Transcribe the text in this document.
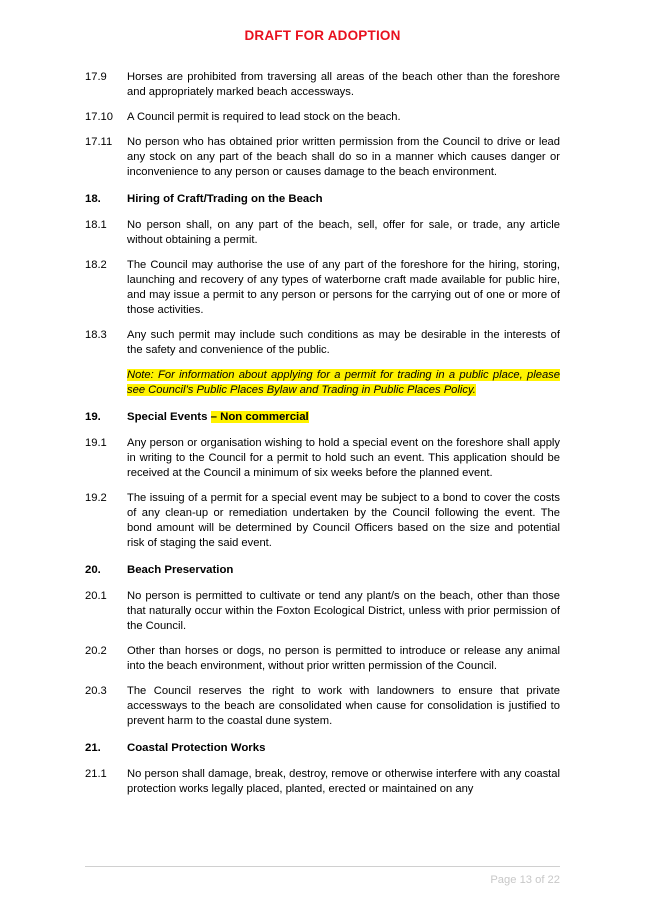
DRAFT FOR ADOPTION
17.9	Horses are prohibited from traversing all areas of the beach other than the foreshore and appropriately marked beach accessways.
17.10	A Council permit is required to lead stock on the beach.
17.11	No person who has obtained prior written permission from the Council to drive or lead any stock on any part of the beach shall do so in a manner which causes danger or inconvenience to any person or causes damage to the beach environment.
18.	Hiring of Craft/Trading on the Beach
18.1	No person shall, on any part of the beach, sell, offer for sale, or trade, any article without obtaining a permit.
18.2	The Council may authorise the use of any part of the foreshore for the hiring, storing, launching and recovery of any types of waterborne craft made available for public hire, and may issue a permit to any person or persons for the carrying out of one or more of those activities.
18.3	Any such permit may include such conditions as may be desirable in the interests of the safety and convenience of the public.
Note: For information about applying for a permit for trading in a public place, please see Council’s Public Places Bylaw and Trading in Public Places Policy.
19.	Special Events – Non commercial
19.1	Any person or organisation wishing to hold a special event on the foreshore shall apply in writing to the Council for a permit to hold such an event. This application should be received at the Council a minimum of six weeks before the planned event.
19.2	The issuing of a permit for a special event may be subject to a bond to cover the costs of any clean-up or remediation undertaken by the Council following the event. The bond amount will be determined by Council Officers based on the size and potential risk of staging the said event.
20.	Beach Preservation
20.1	No person is permitted to cultivate or tend any plant/s on the beach, other than those that naturally occur within the Foxton Ecological District, unless with prior permission of the Council.
20.2	Other than horses or dogs, no person is permitted to introduce or release any animal into the beach environment, without prior written permission of the Council.
20.3	The Council reserves the right to work with landowners to ensure that private accessways to the beach are consolidated when cause for consolidation is justified to prevent harm to the coastal dune system.
21.	Coastal Protection Works
21.1	No person shall damage, break, destroy, remove or otherwise interfere with any coastal protection works legally placed, planted, erected or maintained on any
Page 13 of 22
